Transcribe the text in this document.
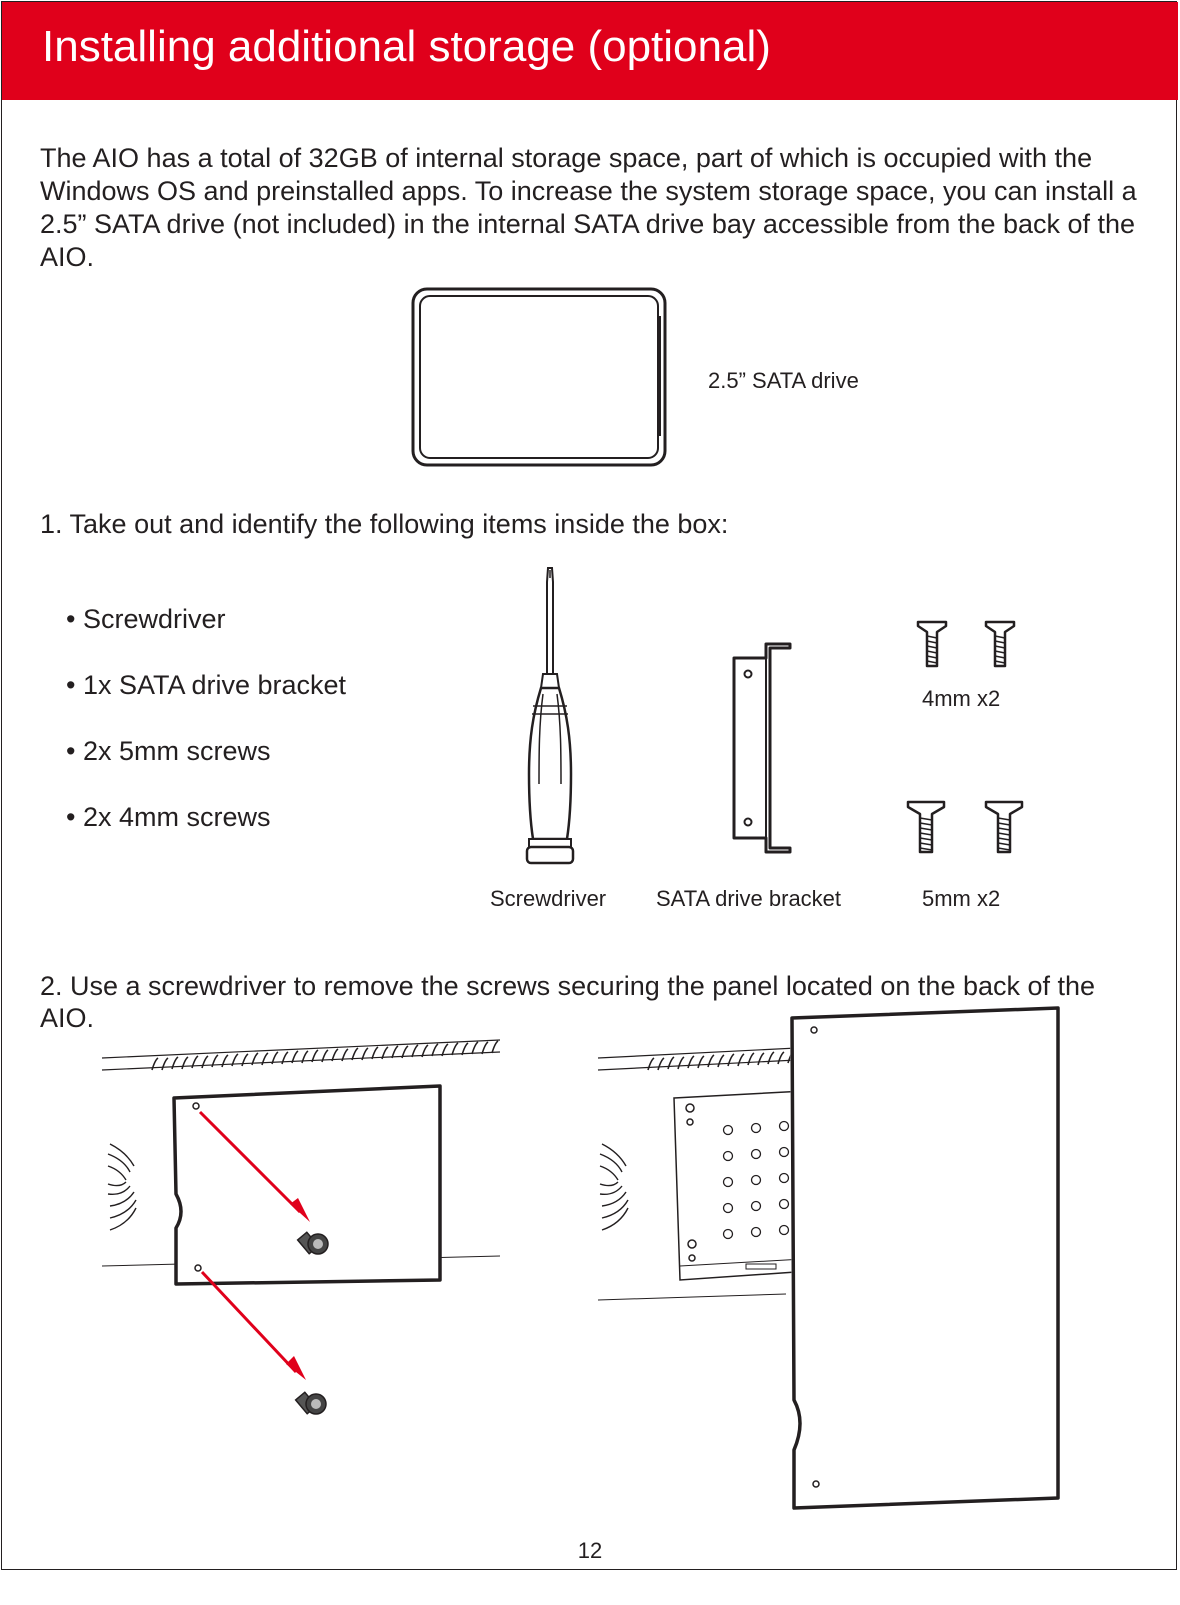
Installing additional storage (optional)

The AIO has a total of 32GB of internal storage space, part of which is occupied with the Windows OS and preinstalled apps. To increase the system storage space, you can install a 2.5” SATA drive (not included) in the internal SATA drive bay accessible from the back of the AIO.

2.5” SATA drive

1. Take out and identify the following items inside the box:

• Screwdriver
• 1x SATA drive bracket
• 2x 5mm screws
• 2x 4mm screws
Screwdriver SATA drive bracket
4mm x2
5mm x2

2. Use a screwdriver to remove the screws securing the panel located on the back of the AIO.

12
